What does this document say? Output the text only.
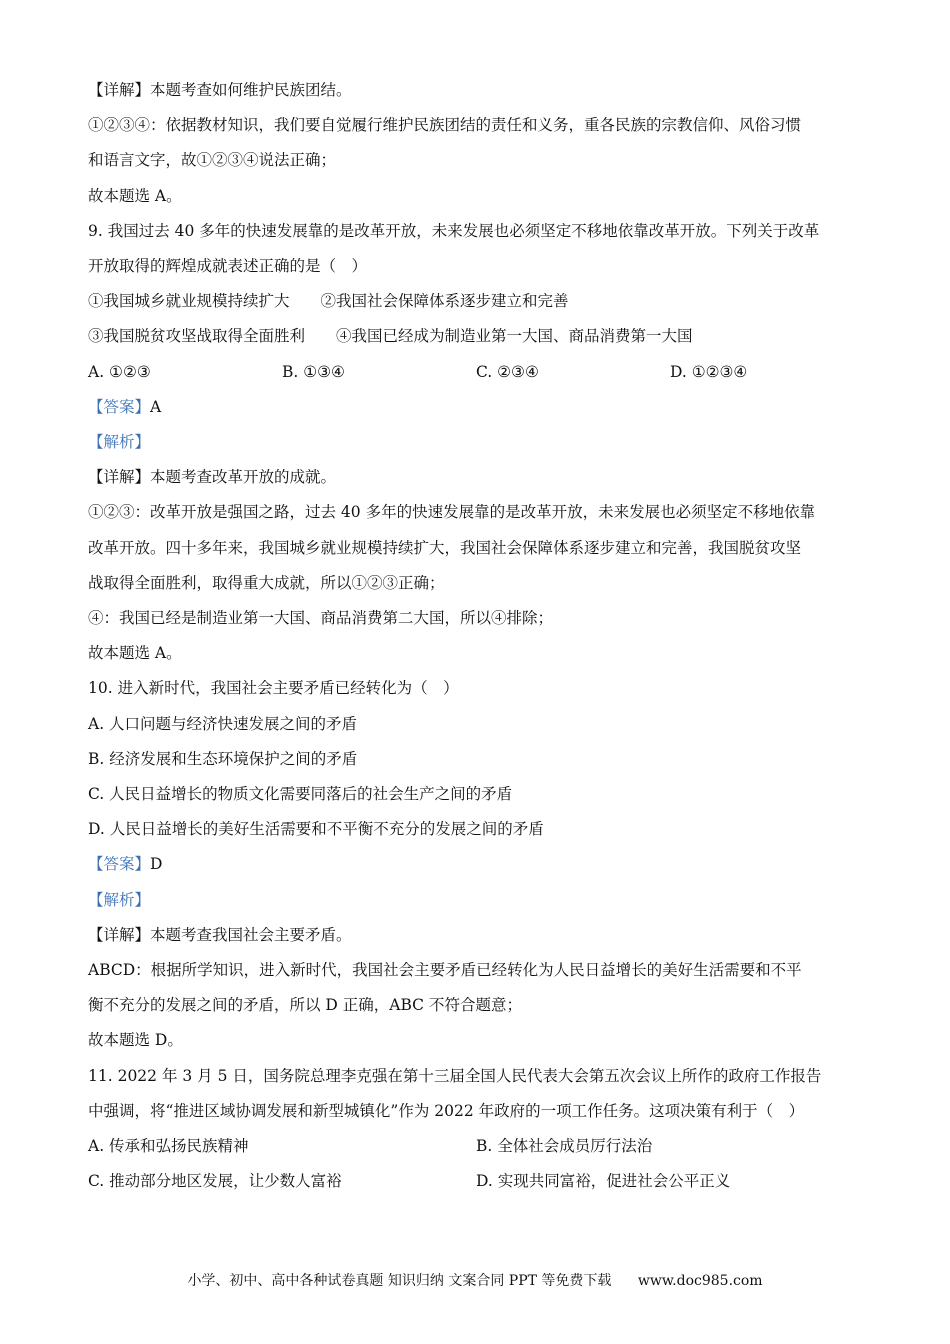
【详解】本题考查如何维护民族团结。
①②③④：依据教材知识，我们要自觉履行维护民族团结的责任和义务，重各民族的宗教信仰、风俗习惯
和语言文字，故①②③④说法正确；
故本题选 A。
9. 我国过去 40 多年的快速发展靠的是改革开放，未来发展也必须坚定不移地依靠改革开放。下列关于改革
开放取得的辉煌成就表述正确的是（　）
①我国城乡就业规模持续扩大　　②我国社会保障体系逐步建立和完善
③我国脱贫攻坚战取得全面胜利　　④我国已经成为制造业第一大国、商品消费第一大国
A. ①②③	B. ①③④	C. ②③④	D. ①②③④
【答案】A
【解析】
【详解】本题考查改革开放的成就。
①②③：改革开放是强国之路，过去 40 多年的快速发展靠的是改革开放，未来发展也必须坚定不移地依靠
改革开放。四十多年来，我国城乡就业规模持续扩大，我国社会保障体系逐步建立和完善，我国脱贫攻坚
战取得全面胜利，取得重大成就，所以①②③正确；
④：我国已经是制造业第一大国、商品消费第二大国，所以④排除；
故本题选 A。
10. 进入新时代，我国社会主要矛盾已经转化为（　）
A. 人口问题与经济快速发展之间的矛盾
B. 经济发展和生态环境保护之间的矛盾
C. 人民日益增长的物质文化需要同落后的社会生产之间的矛盾
D. 人民日益增长的美好生活需要和不平衡不充分的发展之间的矛盾
【答案】D
【解析】
【详解】本题考查我国社会主要矛盾。
ABCD：根据所学知识，进入新时代，我国社会主要矛盾已经转化为人民日益增长的美好生活需要和不平
衡不充分的发展之间的矛盾，所以 D 正确，ABC 不符合题意；
故本题选 D。
11. 2022 年 3 月 5 日，国务院总理李克强在第十三届全国人民代表大会第五次会议上所作的政府工作报告
中强调，将“推进区域协调发展和新型城镇化”作为 2022 年政府的一项工作任务。这项决策有利于（　）
A. 传承和弘扬民族精神	B. 全体社会成员厉行法治
C. 推动部分地区发展，让少数人富裕	D. 实现共同富裕，促进社会公平正义
小学、初中、高中各种试卷真题 知识归纳 文案合同 PPT 等免费下载 www.doc985.com
